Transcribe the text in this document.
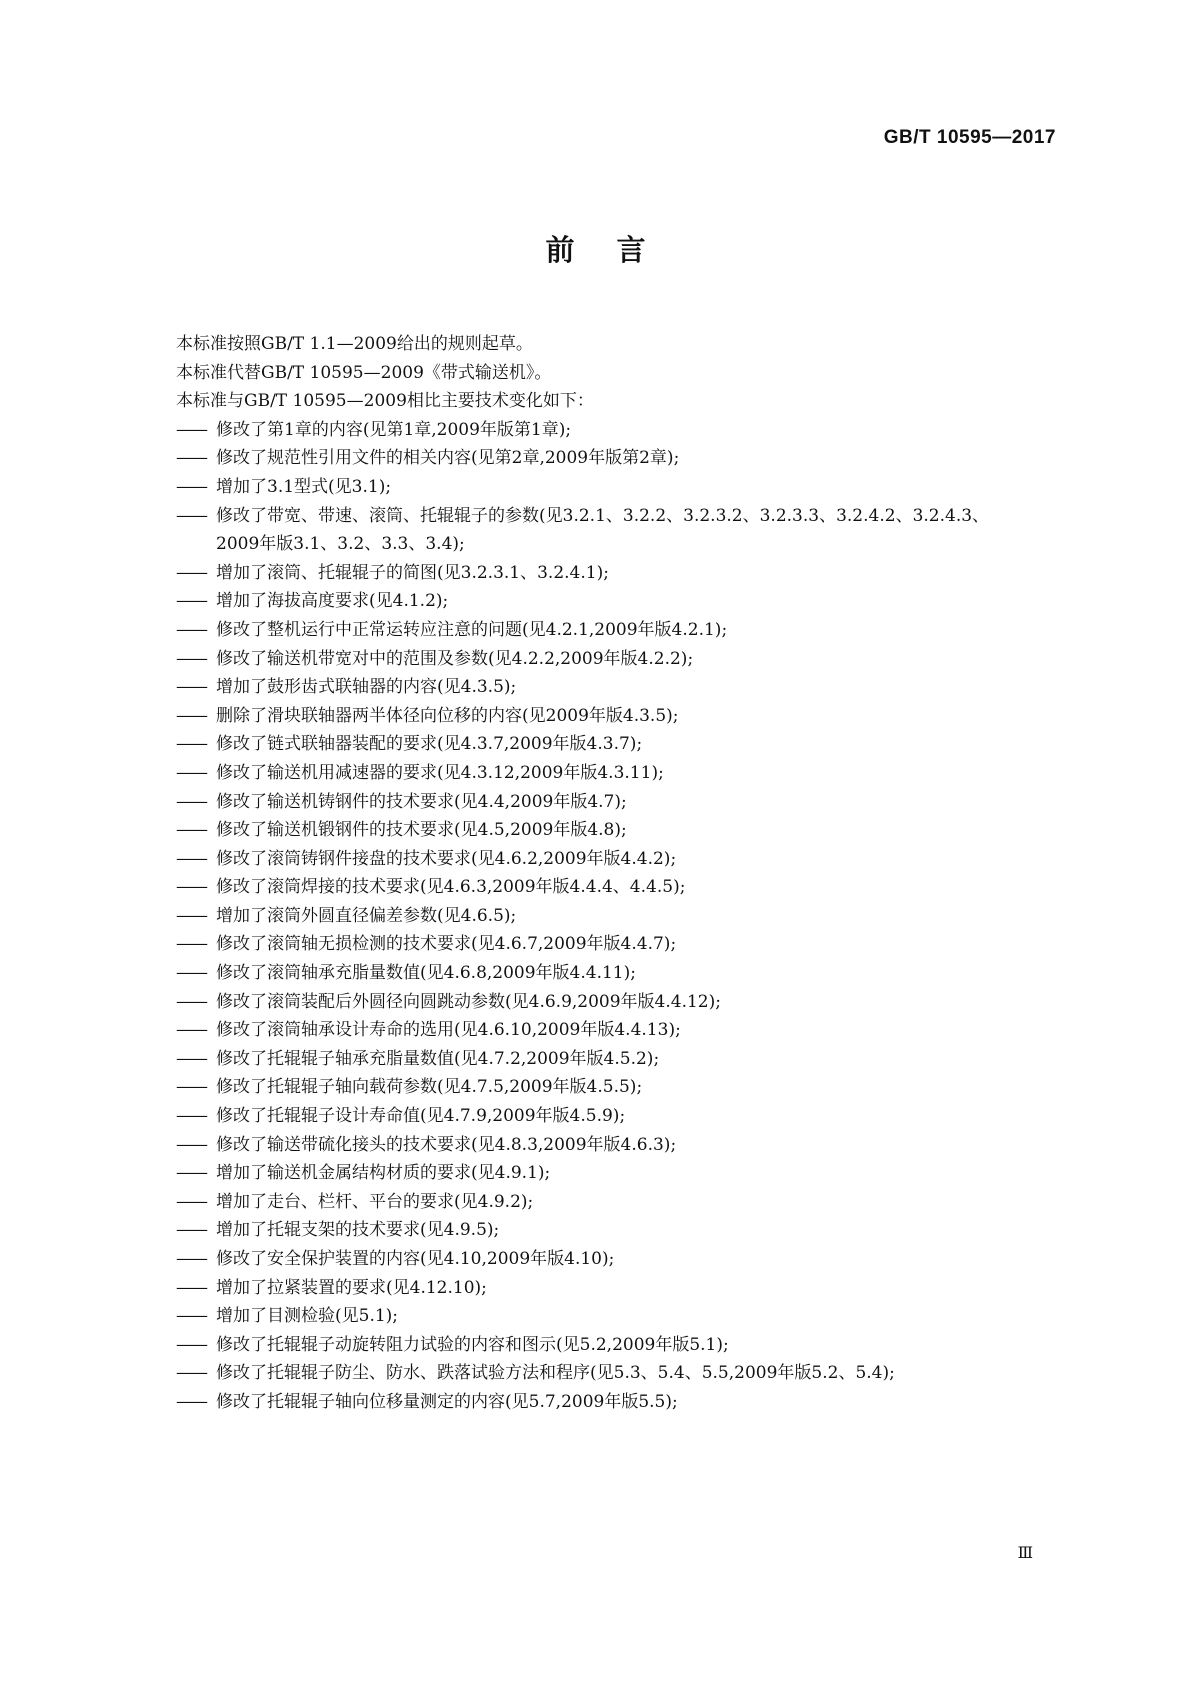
GB/T 10595—2017
前言
本标准按照GB/T 1.1—2009给出的规则起草。
本标准代替GB/T 10595—2009《带式输送机》。
本标准与GB/T 10595—2009相比主要技术变化如下：
—— 修改了第1章的内容(见第1章,2009年版第1章);
—— 修改了规范性引用文件的相关内容(见第2章,2009年版第2章);
—— 增加了3.1型式(见3.1);
—— 修改了带宽、带速、滚筒、托辊辊子的参数(见3.2.1、3.2.2、3.2.3.2、3.2.3.3、3.2.4.2、3.2.4.3、2009年版3.1、3.2、3.3、3.4);
—— 增加了滚筒、托辊辊子的简图(见3.2.3.1、3.2.4.1);
—— 增加了海拔高度要求(见4.1.2);
—— 修改了整机运行中正常运转应注意的问题(见4.2.1,2009年版4.2.1);
—— 修改了输送机带宽对中的范围及参数(见4.2.2,2009年版4.2.2);
—— 增加了鼓形齿式联轴器的内容(见4.3.5);
—— 删除了滑块联轴器两半体径向位移的内容(见2009年版4.3.5);
—— 修改了链式联轴器装配的要求(见4.3.7,2009年版4.3.7);
—— 修改了输送机用减速器的要求(见4.3.12,2009年版4.3.11);
—— 修改了输送机铸钢件的技术要求(见4.4,2009年版4.7);
—— 修改了输送机锻钢件的技术要求(见4.5,2009年版4.8);
—— 修改了滚筒铸钢件接盘的技术要求(见4.6.2,2009年版4.4.2);
—— 修改了滚筒焊接的技术要求(见4.6.3,2009年版4.4.4、4.4.5);
—— 增加了滚筒外圆直径偏差参数(见4.6.5);
—— 修改了滚筒轴无损检测的技术要求(见4.6.7,2009年版4.4.7);
—— 修改了滚筒轴承充脂量数值(见4.6.8,2009年版4.4.11);
—— 修改了滚筒装配后外圆径向圆跳动参数(见4.6.9,2009年版4.4.12);
—— 修改了滚筒轴承设计寿命的选用(见4.6.10,2009年版4.4.13);
—— 修改了托辊辊子轴承充脂量数值(见4.7.2,2009年版4.5.2);
—— 修改了托辊辊子轴向载荷参数(见4.7.5,2009年版4.5.5);
—— 修改了托辊辊子设计寿命值(见4.7.9,2009年版4.5.9);
—— 修改了输送带硫化接头的技术要求(见4.8.3,2009年版4.6.3);
—— 增加了输送机金属结构材质的要求(见4.9.1);
—— 增加了走台、栏杆、平台的要求(见4.9.2);
—— 增加了托辊支架的技术要求(见4.9.5);
—— 修改了安全保护装置的内容(见4.10,2009年版4.10);
—— 增加了拉紧装置的要求(见4.12.10);
—— 增加了目测检验(见5.1);
—— 修改了托辊辊子动旋转阻力试验的内容和图示(见5.2,2009年版5.1);
—— 修改了托辊辊子防尘、防水、跌落试验方法和程序(见5.3、5.4、5.5,2009年版5.2、5.4);
—— 修改了托辊辊子轴向位移量测定的内容(见5.7,2009年版5.5);
Ⅲ
